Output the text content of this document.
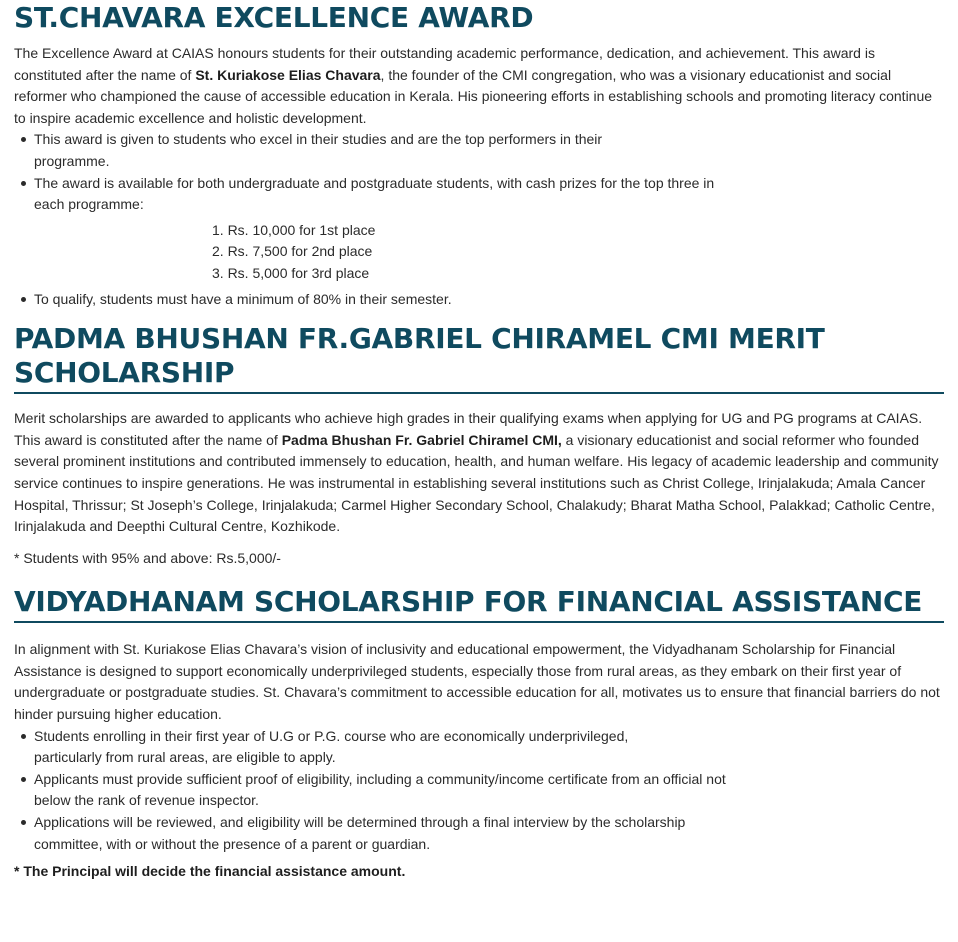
ST.CHAVARA EXCELLENCE AWARD

The Excellence Award at CAIAS honours students for their outstanding academic performance, dedication, and achievement. This award is constituted after the name of St. Kuriakose Elias Chavara, the founder of the CMI congregation, who was a visionary educationist and social reformer who championed the cause of accessible education in Kerala. His pioneering efforts in establishing schools and promoting literacy continue to inspire academic excellence and holistic development.

This award is given to students who excel in their studies and are the top performers in their programme.
The award is available for both undergraduate and postgraduate students, with cash prizes for the top three in each programme:
1. Rs. 10,000 for 1st place
2. Rs. 7,500 for 2nd place
3. Rs. 5,000 for 3rd place
To qualify, students must have a minimum of 80% in their semester.
PADMA BHUSHAN FR.GABRIEL CHIRAMEL CMI MERIT SCHOLARSHIP

Merit scholarships are awarded to applicants who achieve high grades in their qualifying exams when applying for UG and PG programs at CAIAS. This award is constituted after the name of Padma Bhushan Fr. Gabriel Chiramel CMI, a visionary educationist and social reformer who founded several prominent institutions and contributed immensely to education, health, and human welfare. His legacy of academic leadership and community service continues to inspire generations. He was instrumental in establishing several institutions such as Christ College, Irinjalakuda; Amala Cancer Hospital, Thrissur; St Joseph’s College, Irinjalakuda; Carmel Higher Secondary School, Chalakudy; Bharat Matha School, Palakkad; Catholic Centre, Irinjalakuda and Deepthi Cultural Centre, Kozhikode.

* Students with 95% and above: Rs.5,000/-
VIDYADHANAM SCHOLARSHIP FOR FINANCIAL ASSISTANCE

In alignment with St. Kuriakose Elias Chavara’s vision of inclusivity and educational empowerment, the Vidyadhanam Scholarship for Financial Assistance is designed to support economically underprivileged students, especially those from rural areas, as they embark on their first year of undergraduate or postgraduate studies. St. Chavara’s commitment to accessible education for all, motivates us to ensure that financial barriers do not hinder pursuing higher education.

Students enrolling in their first year of U.G or P.G. course who are economically underprivileged, particularly from rural areas, are eligible to apply.
Applicants must provide sufficient proof of eligibility, including a community/income certificate from an official not below the rank of revenue inspector.
Applications will be reviewed, and eligibility will be determined through a final interview by the scholarship committee, with or without the presence of a parent or guardian.
* The Principal will decide the financial assistance amount.
